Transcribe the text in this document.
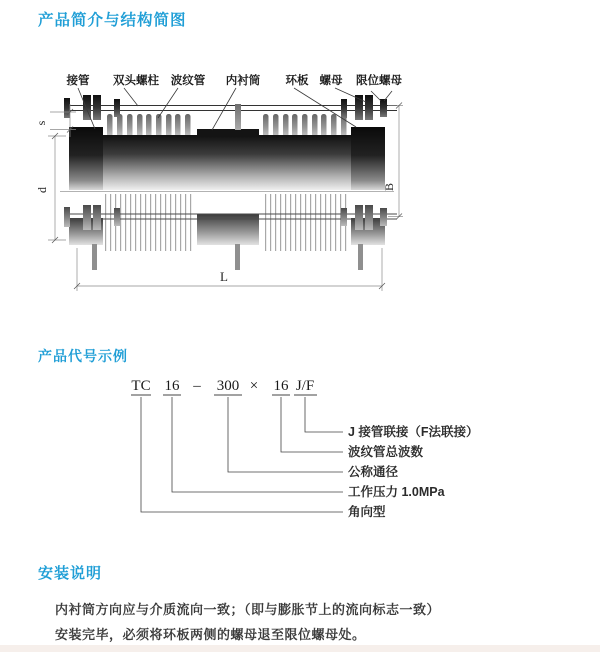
产品简介与结构简图
接管 双头螺柱 波纹管 内衬筒 环板 螺母 限位螺母
s
d	B
L
产品代号示例
TC 16 – 300 × 16 J/F
J 接管联接（F法联接）
波纹管总波数
公称通径
工作压力 1.0MPa
角向型
安装说明

内衬筒方向应与介质流向一致；（即与膨胀节上的流向标志一致）

安装完毕，必须将环板两侧的螺母退至限位螺母处。
